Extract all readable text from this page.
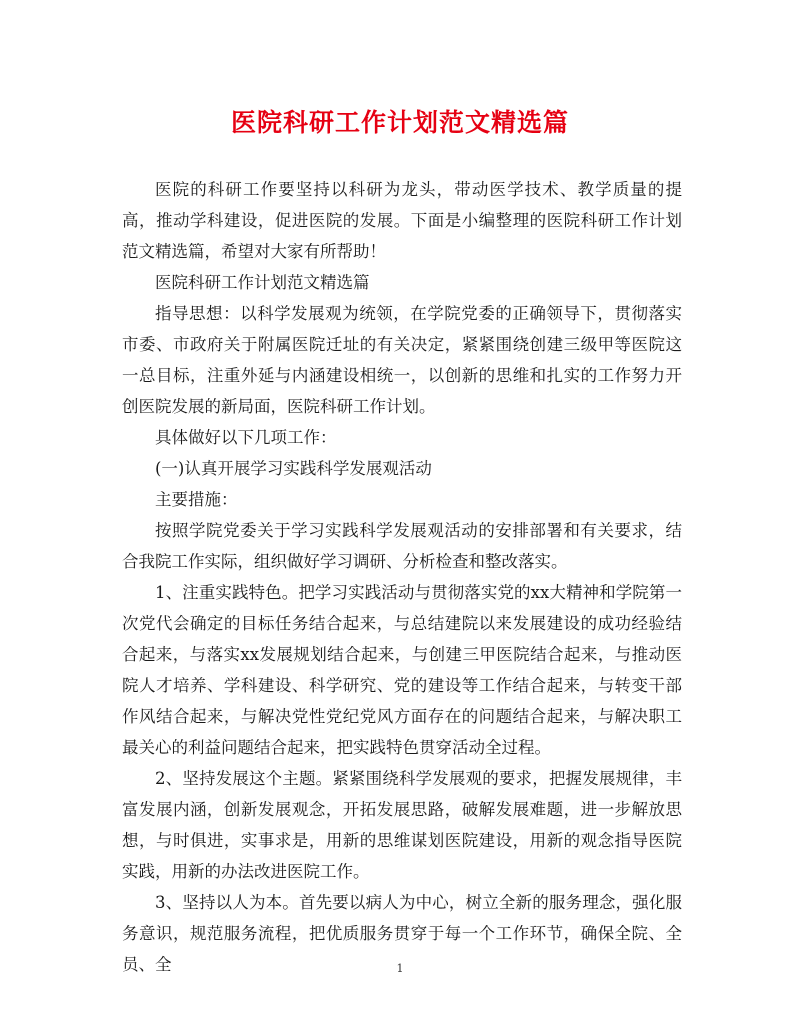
医院科研工作计划范文精选篇

医院的科研工作要坚持以科研为龙头，带动医学技术、教学质量的提高，推动学科建设，促进医院的发展。下面是小编整理的医院科研工作计划范文精选篇，希望对大家有所帮助！

医院科研工作计划范文精选篇

指导思想：以科学发展观为统领，在学院党委的正确领导下，贯彻落实市委、市政府关于附属医院迁址的有关决定，紧紧围绕创建三级甲等医院这一总目标，注重外延与内涵建设相统一，以创新的思维和扎实的工作努力开创医院发展的新局面，医院科研工作计划。

具体做好以下几项工作：

(一)认真开展学习实践科学发展观活动

主要措施：

按照学院党委关于学习实践科学发展观活动的安排部署和有关要求，结合我院工作实际，组织做好学习调研、分析检查和整改落实。

1、注重实践特色。把学习实践活动与贯彻落实党的xx大精神和学院第一次党代会确定的目标任务结合起来，与总结建院以来发展建设的成功经验结合起来，与落实xx发展规划结合起来，与创建三甲医院结合起来，与推动医院人才培养、学科建设、科学研究、党的建设等工作结合起来，与转变干部作风结合起来，与解决党性党纪党风方面存在的问题结合起来，与解决职工最关心的利益问题结合起来，把实践特色贯穿活动全过程。

2、坚持发展这个主题。紧紧围绕科学发展观的要求，把握发展规律，丰富发展内涵，创新发展观念，开拓发展思路，破解发展难题，进一步解放思想，与时俱进，实事求是，用新的思维谋划医院建设，用新的观念指导医院实践，用新的办法改进医院工作。

3、坚持以人为本。首先要以病人为中心，树立全新的服务理念，强化服务意识，规范服务流程，把优质服务贯穿于每一个工作环节，确保全院、全员、全	1
